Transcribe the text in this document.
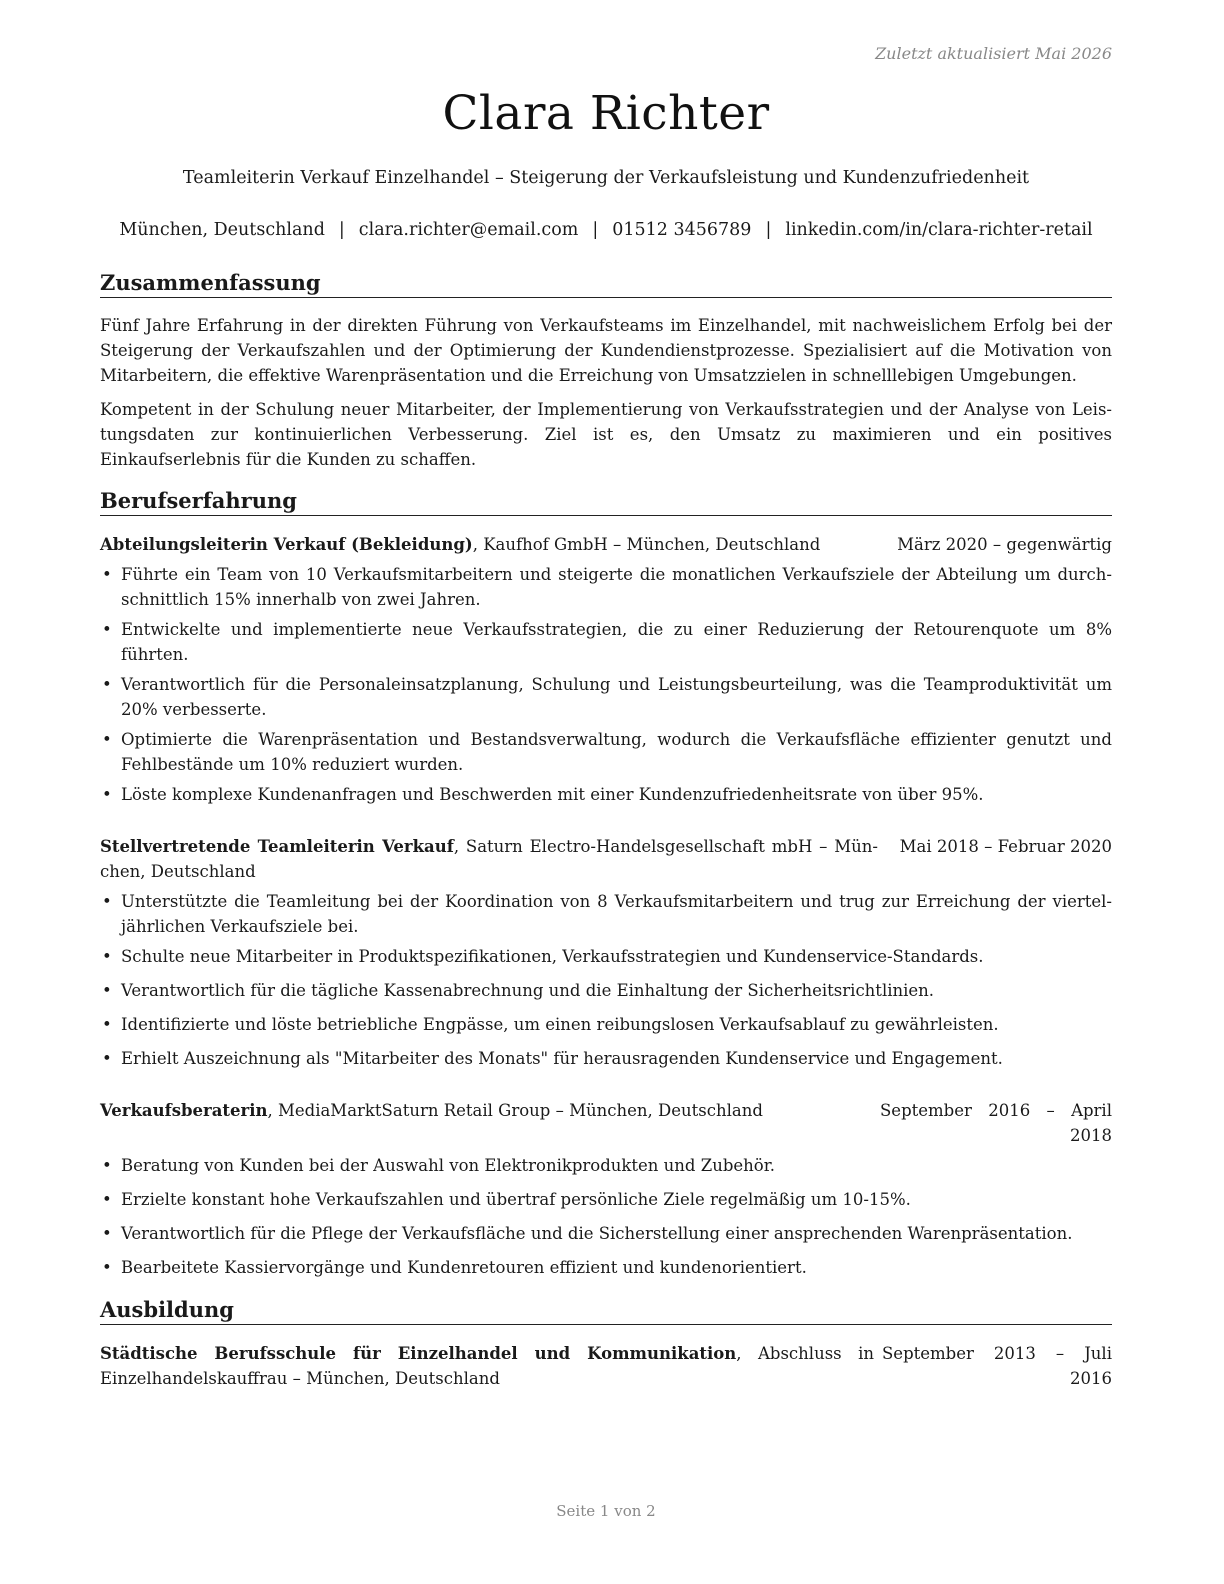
Zuletzt aktualisiert Mai 2026
Clara Richter
Teamleiterin Verkauf Einzelhandel – Steigerung der Verkaufsleistung und Kundenzufriedenheit
München, Deutschland | clara.richter@email.com | 01512 3456789 | linkedin.com/in/clara-richter-retail
Zusammenfassung
Fünf Jahre Erfahrung in der direkten Führung von Verkaufsteams im Einzelhandel, mit nachweislichem Erfolg bei der Steigerung der Verkaufszahlen und der Optimierung der Kundendienstprozesse. Spezialisiert auf die Motivation von Mitarbeitern, die effektive Warenpräsentation und die Erreichung von Umsatzzielen in schnelllebigen Umgebungen.
Kompetent in der Schulung neuer Mitarbeiter, der Implementierung von Verkaufsstrategien und der Analyse von Leistungsdaten zur kontinuierlichen Verbesserung. Ziel ist es, den Umsatz zu maximieren und ein positives Einkaufserlebnis für die Kunden zu schaffen.
Berufserfahrung
Abteilungsleiterin Verkauf (Bekleidung), Kaufhof GmbH – München, Deutschland	März 2020 – gegenwärtig
• Führte ein Team von 10 Verkaufsmitarbeitern und steigerte die monatlichen Verkaufsziele der Abteilung um durchschnittlich 15% innerhalb von zwei Jahren.
• Entwickelte und implementierte neue Verkaufsstrategien, die zu einer Reduzierung der Retourenquote um 8% führten.
• Verantwortlich für die Personaleinsatzplanung, Schulung und Leistungsbeurteilung, was die Teamproduktivität um 20% verbesserte.
• Optimierte die Warenpräsentation und Bestandsverwaltung, wodurch die Verkaufsfläche effizienter genutzt und Fehlbestände um 10% reduziert wurden.
• Löste komplexe Kundenanfragen und Beschwerden mit einer Kundenzufriedenheitsrate von über 95%.
Stellvertretende Teamleiterin Verkauf, Saturn Electro-Handelsgesellschaft mbH – München, Deutschland
Mai 2018 – Februar 2020
• Unterstützte die Teamleitung bei der Koordination von 8 Verkaufsmitarbeitern und trug zur Erreichung der vierteljährlichen Verkaufsziele bei.
• Schulte neue Mitarbeiter in Produktspezifikationen, Verkaufsstrategien und Kundenservice-Standards.
• Verantwortlich für die tägliche Kassenabrechnung und die Einhaltung der Sicherheitsrichtlinien.
• Identifizierte und löste betriebliche Engpässe, um einen reibungslosen Verkaufsablauf zu gewährleisten.
• Erhielt Auszeichnung als "Mitarbeiter des Monats" für herausragenden Kundenservice und Engagement.
Verkaufsberaterin, MediaMarktSaturn Retail Group – München, Deutschland	September 2016 – April 2018
• Beratung von Kunden bei der Auswahl von Elektronikprodukten und Zubehör.
• Erzielte konstant hohe Verkaufszahlen und übertraf persönliche Ziele regelmäßig um 10-15%.
• Verantwortlich für die Pflege der Verkaufsfläche und die Sicherstellung einer ansprechenden Warenpräsentation.
• Bearbeitete Kassiervorgänge und Kundenretouren effizient und kundenorientiert.
Ausbildung
Städtische Berufsschule für Einzelhandel und Kommunikation, Abschluss in Einzelhandelskauffrau – München, Deutschland
September 2013 – Juli 2016
Seite 1 von 2
